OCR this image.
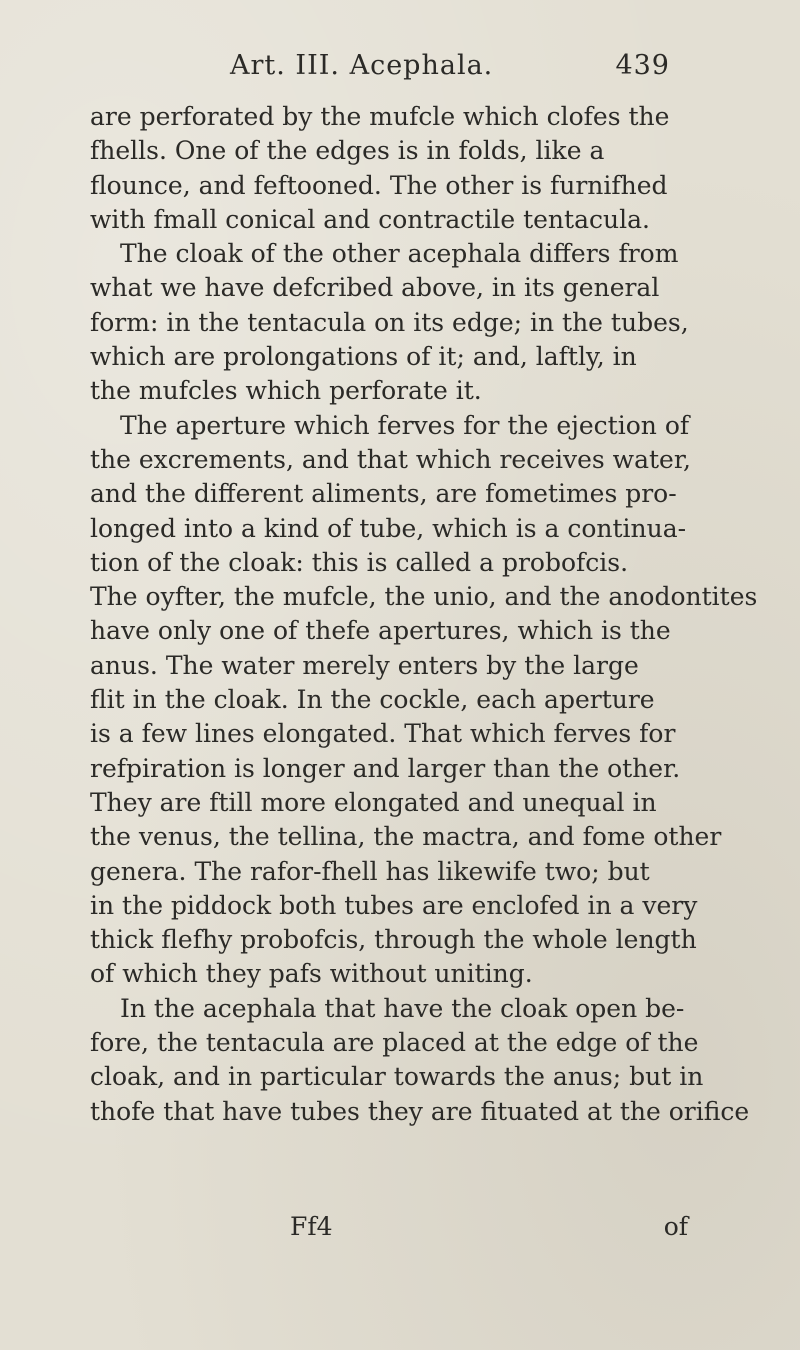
Art. III. Acephala.	439
are perforated by the mufcle which clofes the
fhells. One of the edges is in folds, like a
flounce, and feftooned. The other is furnifhed
with fmall conical and contractile tentacula.
The cloak of the other acephala differs from
what we have defcribed above, in its general
form: in the tentacula on its edge; in the tubes,
which are prolongations of it; and, laftly, in
the mufcles which perforate it.
The aperture which ferves for the ejection of
the excrements, and that which receives water,
and the different aliments, are fometimes pro-
longed into a kind of tube, which is a continua-
tion of the cloak: this is called a probofcis.
The oyfter, the mufcle, the unio, and the anodontites
have only one of thefe apertures, which is the
anus. The water merely enters by the large
flit in the cloak. In the cockle, each aperture
is a few lines elongated. That which ferves for
refpiration is longer and larger than the other.
They are ftill more elongated and unequal in
the venus, the tellina, the mactra, and fome other
genera. The rafor-fhell has likewife two; but
in the piddock both tubes are enclofed in a very
thick flefhy probofcis, through the whole length
of which they pafs without uniting.
In the acephala that have the cloak open be-
fore, the tentacula are placed at the edge of the
cloak, and in particular towards the anus; but in
thofe that have tubes they are fituated at the orifice
Ff4	of
